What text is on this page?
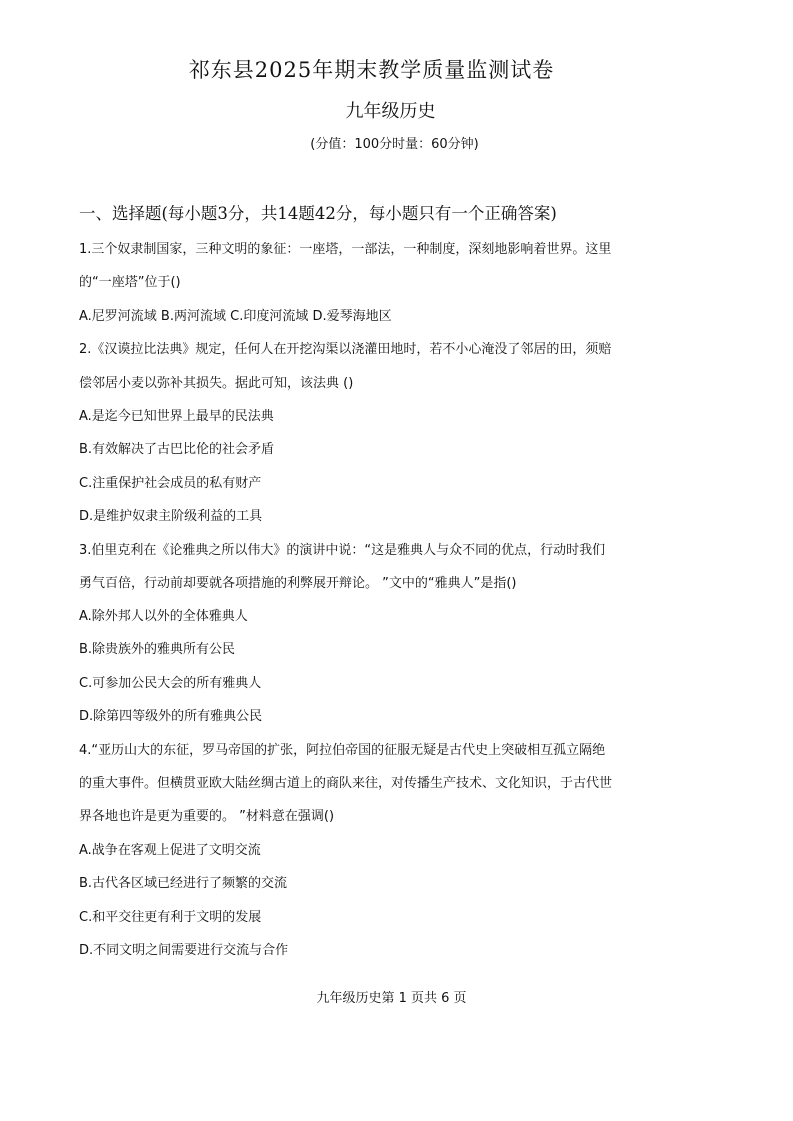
祁东县2025年期末教学质量监测试卷
九年级历史
(分值：100分时量：60分钟)
一、选择题(每小题3分，共14题42分，每小题只有一个正确答案)
1.三个奴隶制国家，三种文明的象征：一座塔，一部法，一种制度，深刻地影响着世界。这里
的“一座塔”位于()
A.尼罗河流域 B.两河流域 C.印度河流域 D.爱琴海地区
2.《汉谟拉比法典》规定，任何人在开挖沟渠以浇灌田地时，若不小心淹没了邻居的田，须赔
偿邻居小麦以弥补其损失。据此可知，该法典 ()
A.是迄今已知世界上最早的民法典
B.有效解决了古巴比伦的社会矛盾
C.注重保护社会成员的私有财产
D.是维护奴隶主阶级利益的工具
3.伯里克利在《论雅典之所以伟大》的演讲中说：“这是雅典人与众不同的优点，行动时我们
勇气百倍，行动前却要就各项措施的利弊展开辩论。 ”文中的“雅典人”是指()
A.除外邦人以外的全体雅典人
B.除贵族外的雅典所有公民
C.可参加公民大会的所有雅典人
D.除第四等级外的所有雅典公民
4.“亚历山大的东征，罗马帝国的扩张，阿拉伯帝国的征服无疑是古代史上突破相互孤立隔绝
的重大事件。但横贯亚欧大陆丝绸古道上的商队来往，对传播生产技术、文化知识，于古代世
界各地也许是更为重要的。 ”材料意在强调()
A.战争在客观上促进了文明交流
B.古代各区域已经进行了频繁的交流
C.和平交往更有利于文明的发展
D.不同文明之间需要进行交流与合作
九年级历史第 1 页共 6 页
